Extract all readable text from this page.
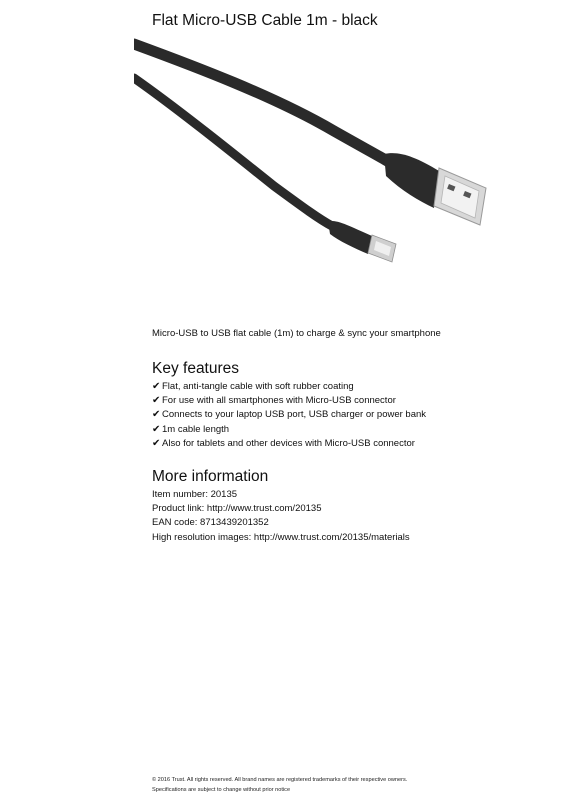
Flat Micro-USB Cable 1m - black
Micro-USB to USB flat cable (1m) to charge & sync your smartphone
Key features
✔ Flat, anti-tangle cable with soft rubber coating
✔ For use with all smartphones with Micro-USB connector
✔ Connects to your laptop USB port, USB charger or power bank
✔ 1m cable length
✔ Also for tablets and other devices with Micro-USB connector
More information
Item number: 20135
Product link: http://www.trust.com/20135
EAN code: 8713439201352
High resolution images: http://www.trust.com/20135/materials
© 2016 Trust. All rights reserved. All brand names are registered trademarks of their respective owners.
Specifications are subject to change without prior notice
